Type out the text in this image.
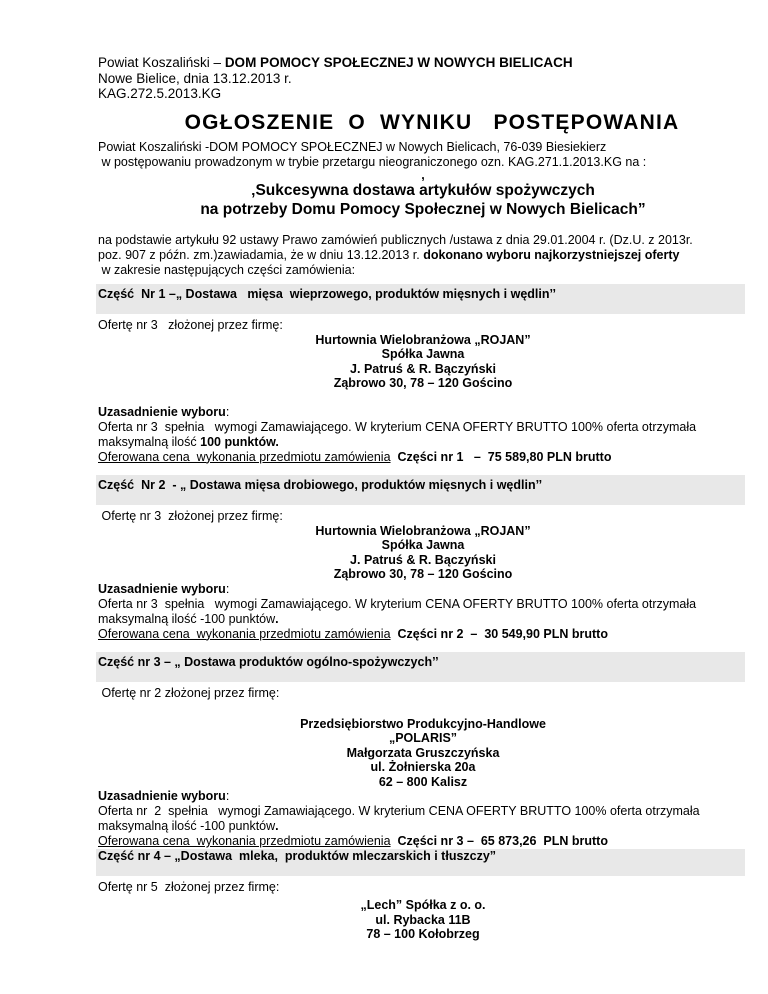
Powiat Koszaliński – DOM POMOCY SPOŁECZNEJ W NOWYCH BIELICACH
Nowe Bielice, dnia 13.12.2013 r.
KAG.272.5.2013.KG
OGŁOSZENIE  O  WYNIKU   POSTĘPOWANIA
Powiat Koszaliński -DOM POMOCY SPOŁECZNEJ w Nowych Bielicach, 76-039 Biesiekierz
w postępowaniu prowadzonym w trybie przetargu nieograniczonego ozn. KAG.271.1.2013.KG na :
,
‚Sukcesywna dostawa artykułów spożywczych
na potrzeby Domu Pomocy Społecznej w Nowych Bielicach”
na podstawie artykułu 92 ustawy Prawo zamówień publicznych /ustawa z dnia 29.01.2004 r. (Dz.U. z 2013r.
poz. 907 z późn. zm.)zawiadamia, że w dniu 13.12.2013 r. dokonano wyboru najkorzystniejszej oferty
w zakresie następujących części zamówienia:
Część  Nr 1 –„ Dostawa   mięsa  wieprzowego, produktów mięsnych i wędlin’’
Ofertę nr 3   złożonej przez firmę:
Hurtownia Wielobranżowa „ROJAN”
Spółka Jawna
J. Patruś & R. Bączyński
Ząbrowo 30, 78 – 120 Gościno
Uzasadnienie wyboru:
Oferta nr 3  spełnia   wymogi Zamawiającego. W kryterium CENA OFERTY BRUTTO 100% oferta otrzymała
maksymalną ilość 100 punktów.
Oferowana cena  wykonania przedmiotu zamówienia  Części nr 1   –  75 589,80 PLN brutto
Część  Nr 2  - „ Dostawa mięsa drobiowego, produktów mięsnych i wędlin’’
Ofertę nr 3  złożonej przez firmę:
Hurtownia Wielobranżowa „ROJAN”
Spółka Jawna
J. Patruś & R. Bączyński
Ząbrowo 30, 78 – 120 Gościno
Uzasadnienie wyboru:
Oferta nr 3  spełnia   wymogi Zamawiającego. W kryterium CENA OFERTY BRUTTO 100% oferta otrzymała
maksymalną ilość -100 punktów.
Oferowana cena  wykonania przedmiotu zamówienia  Części nr 2  –  30 549,90 PLN brutto
Część nr 3 – „ Dostawa produktów ogólno-spożywczych’’
Ofertę nr 2 złożonej przez firmę:
Przedsiębiorstwo Produkcyjno-Handlowe
„POLARIS”
Małgorzata Gruszczyńska
ul. Żołnierska 20a
62 – 800 Kalisz
Uzasadnienie wyboru:
Oferta nr  2  spełnia   wymogi Zamawiającego. W kryterium CENA OFERTY BRUTTO 100% oferta otrzymała
maksymalną ilość -100 punktów.
Oferowana cena  wykonania przedmiotu zamówienia  Części nr 3 –  65 873,26  PLN brutto
Część nr 4 – „Dostawa  mleka,  produktów mleczarskich i tłuszczy”
Ofertę nr 5  złożonej przez firmę:
„Lech” Spółka z o. o.
ul. Rybacka 11B
78 – 100 Kołobrzeg
